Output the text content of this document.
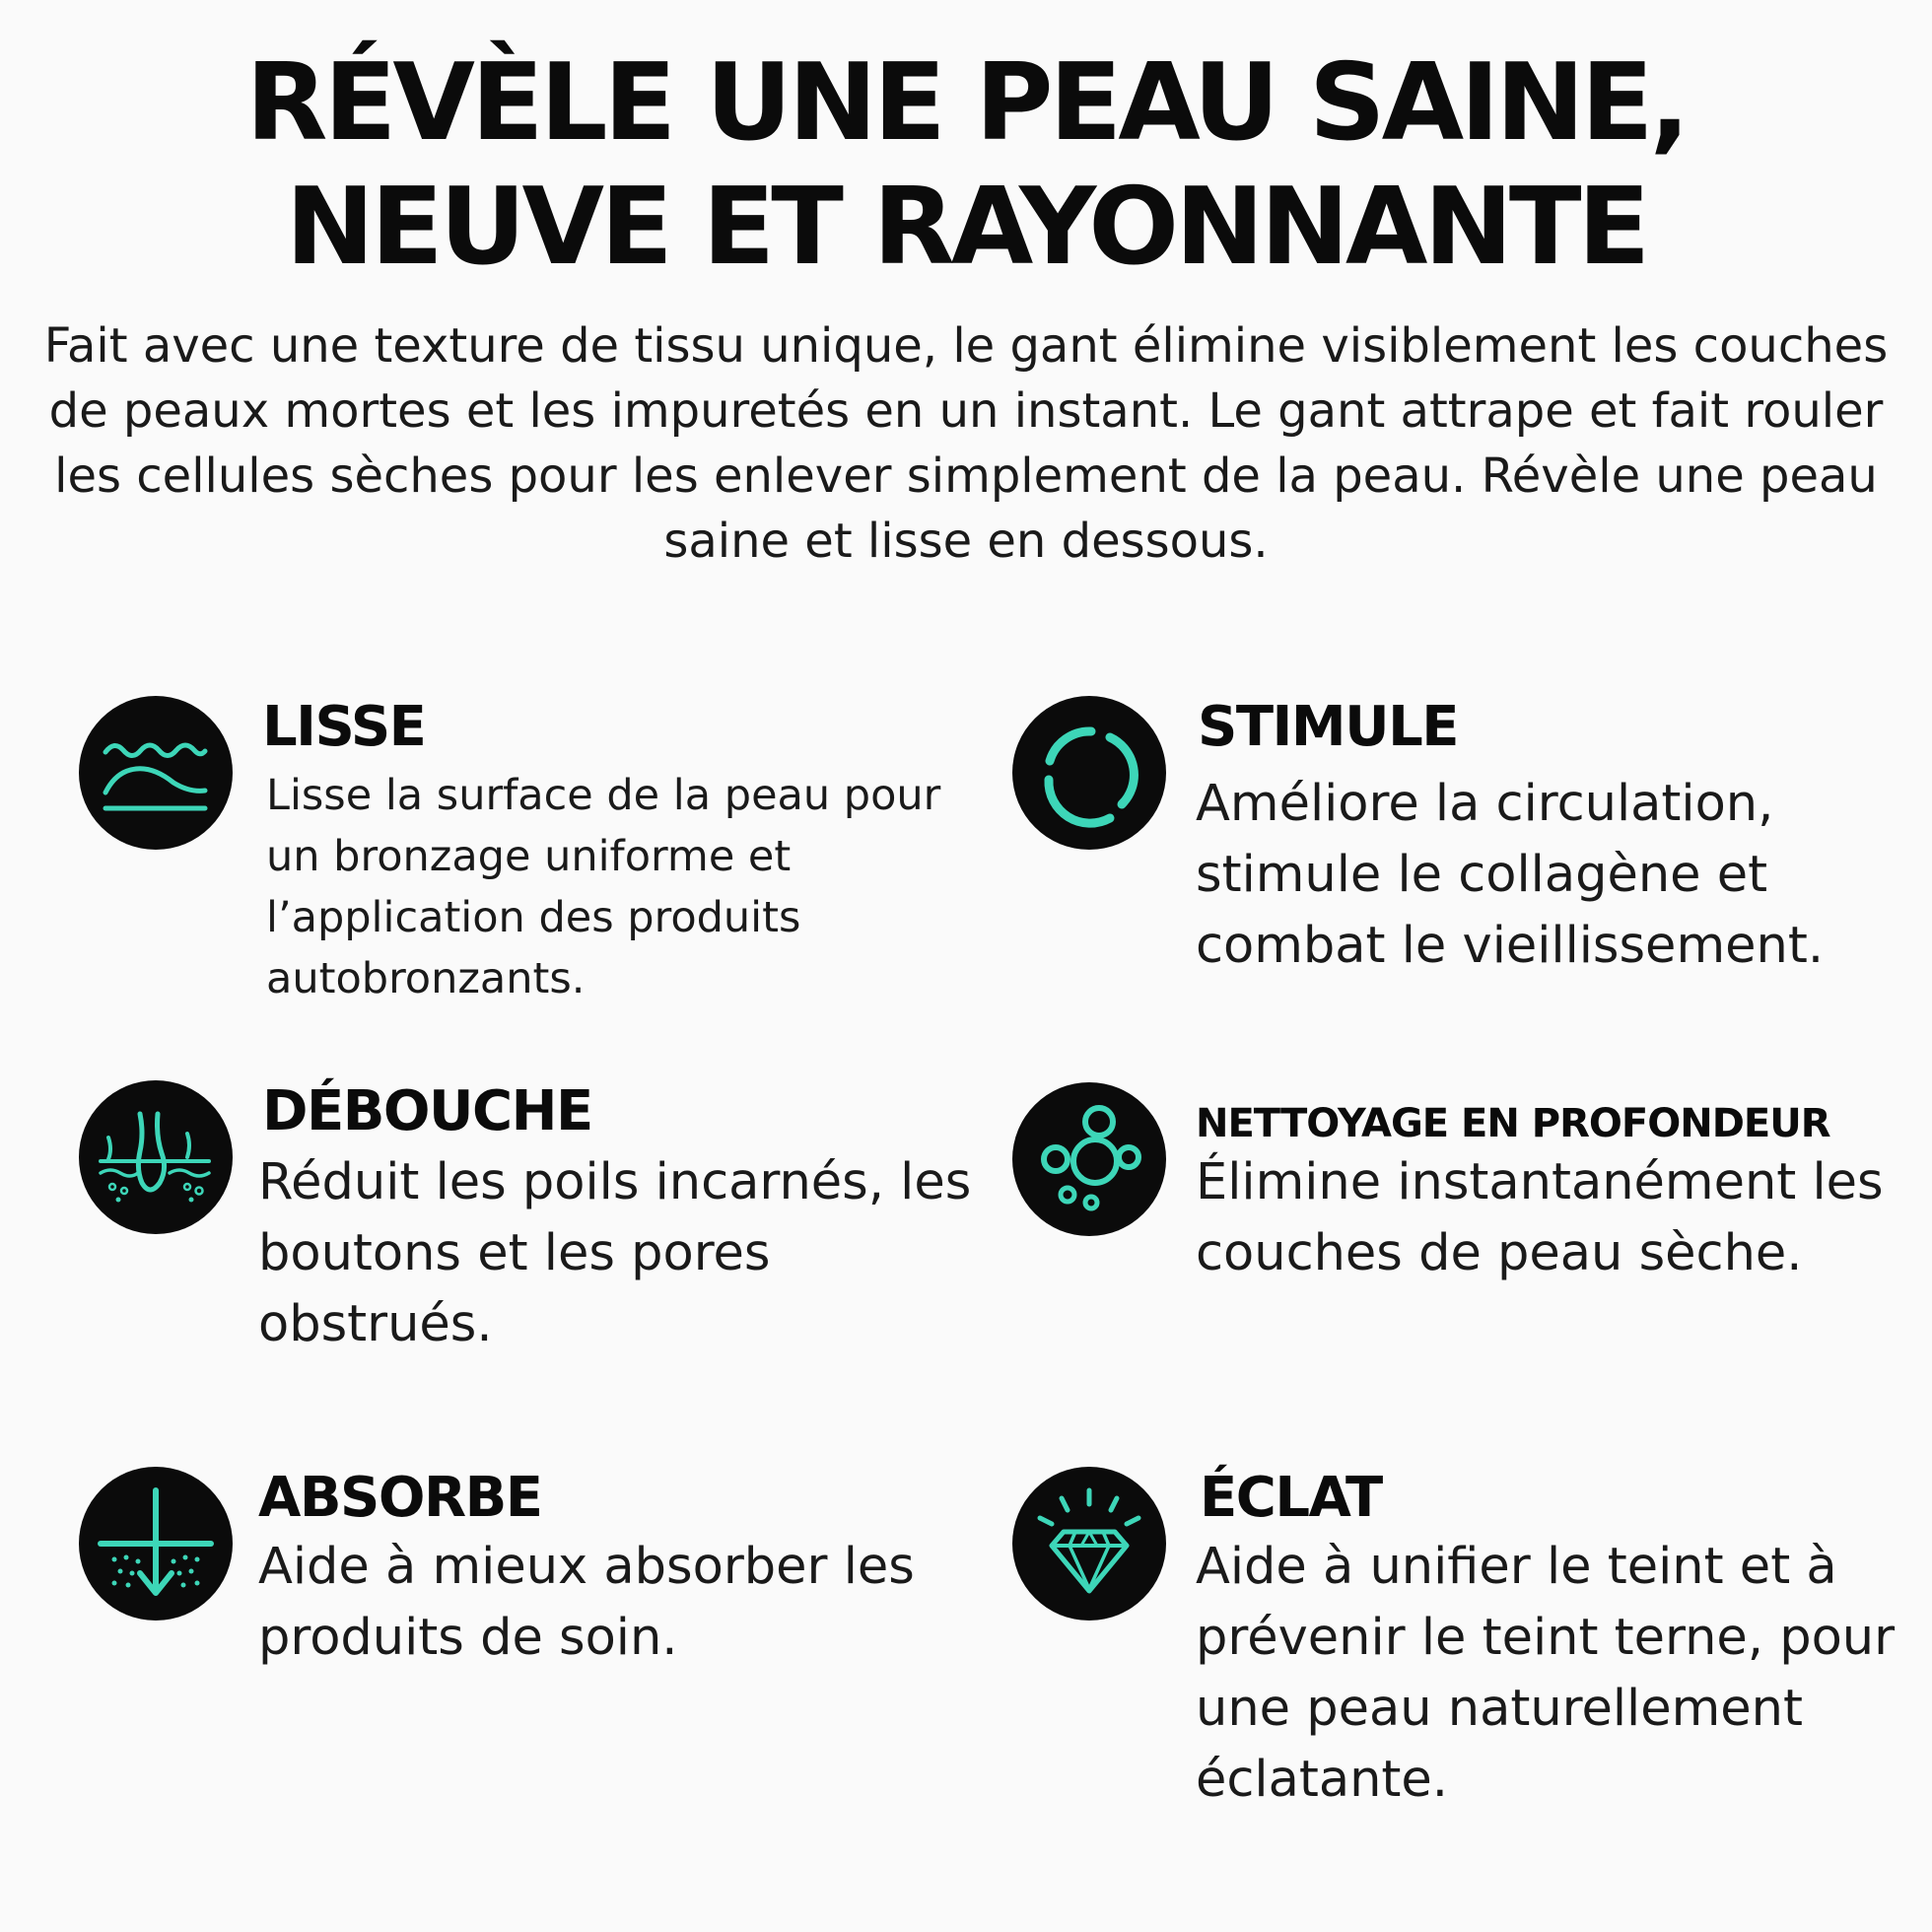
RÉVÈLE UNE PEAU SAINE,
NEUVE ET RAYONNANTE

Fait avec une texture de tissu unique, le gant élimine visiblement les couches de peaux mortes et les impuretés en un instant. Le gant attrape et fait rouler les cellules sèches pour les enlever simplement de la peau. Révèle une peau saine et lisse en dessous.

LISSE

Lisse la surface de la peau pour un bronzage uniforme et l’application des produits autobronzants.

STIMULE

Améliore la circulation, stimule le collagène et combat le vieillissement.

DÉBOUCHE

Réduit les poils incarnés, les boutons et les pores obstrués.

NETTOYAGE EN PROFONDEUR

Élimine instantanément les couches de peau sèche.

ABSORBE

Aide à mieux absorber les produits de soin.

ÉCLAT

Aide à unifier le teint et à prévenir le teint terne, pour une peau naturellement éclatante.
